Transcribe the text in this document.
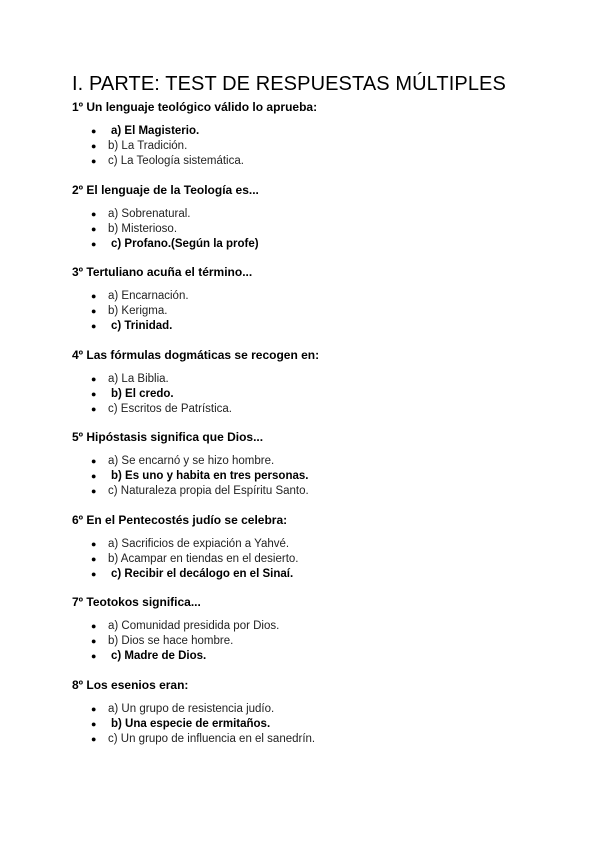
I. PARTE: TEST DE RESPUESTAS MÚLTIPLES

1º Un lenguaje teológico válido lo aprueba:

● a) El Magisterio.
● b) La Tradición.
● c) La Teología sistemática.

2º El lenguaje de la Teología es...

● a) Sobrenatural.
● b) Misterioso.
● c) Profano.(Según la profe)

3º Tertuliano acuña el término...

● a) Encarnación.
● b) Kerigma.
● c) Trinidad.

4º Las fórmulas dogmáticas se recogen en:

● a) La Biblia.
● b) El credo.
● c) Escritos de Patrística.

5º Hipóstasis significa que Dios...

● a) Se encarnó y se hizo hombre.
● b) Es uno y habita en tres personas.
● c) Naturaleza propia del Espíritu Santo.

6º En el Pentecostés judío se celebra:

● a) Sacrificios de expiación a Yahvé.
● b) Acampar en tiendas en el desierto.
● c) Recibir el decálogo en el Sinaí.

7º Teotokos significa...

● a) Comunidad presidida por Dios.
● b) Dios se hace hombre.
● c) Madre de Dios.

8º Los esenios eran:

● a) Un grupo de resistencia judío.
● b) Una especie de ermitaños.
● c) Un grupo de influencia en el sanedrín.
